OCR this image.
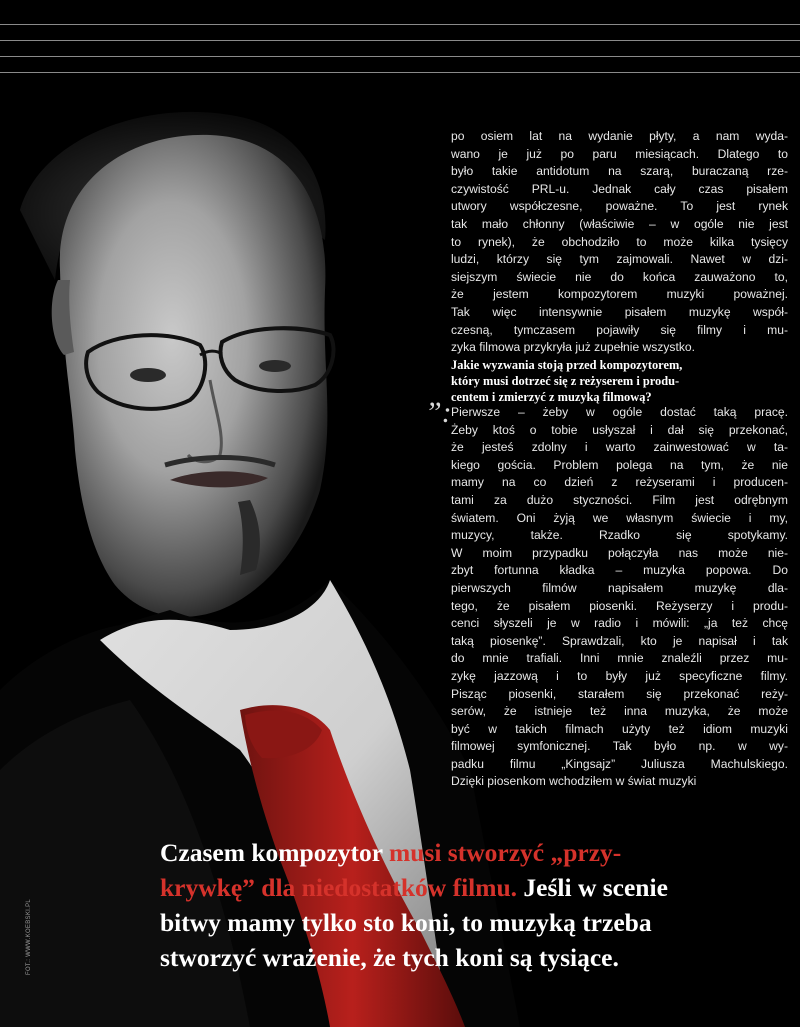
po osiem lat na wydanie płyty, a nam wyda-
wano je już po paru miesiącach. Dlatego to
było takie antidotum na szarą, buraczaną rze-
czywistość PRL-u. Jednak cały czas pisałem
utwory współczesne, poważne. To jest rynek
tak mało chłonny (właściwie – w ogóle nie jest
to rynek), że obchodziło to może kilka tysięcy
ludzi, którzy się tym zajmowali. Nawet w dzi-
siejszym świecie nie do końca zauważono to,
że jestem kompozytorem muzyki poważnej.
Tak więc intensywnie pisałem muzykę współ-
czesną, tymczasem pojawiły się filmy i mu-
zyka filmowa przykryła już zupełnie wszystko.
Jakie wyzwania stoją przed kompozytorem,
który musi dotrzeć się z reżyserem i produ-
centem i zmierzyć z muzyką filmową?
”: Pierwsze – żeby w ogóle dostać taką pracę.
Żeby ktoś o tobie usłyszał i dał się przekonać,
że jesteś zdolny i warto zainwestować w ta-
kiego gościa. Problem polega na tym, że nie
mamy na co dzień z reżyserami i producen-
tami za dużo styczności. Film jest odrębnym
światem. Oni żyją we własnym świecie i my,
muzycy, także. Rzadko się spotykamy.
W moim przypadku połączyła nas może nie-
zbyt fortunna kładka – muzyka popowa. Do
pierwszych filmów napisałem muzykę dla-
tego, że pisałem piosenki. Reżyserzy i produ-
cenci słyszeli je w radio i mówili: „ja też chcę
taką piosenkę”. Sprawdzali, kto je napisał i tak
do mnie trafiali. Inni mnie znaleźli przez mu-
zykę jazzową i to były już specyficzne filmy.
Pisząc piosenki, starałem się przekonać reży-
serów, że istnieje też inna muzyka, że może
być w takich filmach użyty też idiom muzyki
filmowej symfonicznej. Tak było np. w wy-
padku filmu „Kingsajz” Juliusza Machulskiego.
Dzięki piosenkom wchodziłem w świat muzyki
Czasem kompozytor musi stworzyć „przy-
krywkę” dla niedostatków filmu. Jeśli w scenie
bitwy mamy tylko sto koni, to muzyką trzeba
stworzyć wrażenie, że tych koni są tysiące.
FOT.: WWW.KOEBSKI.PL
